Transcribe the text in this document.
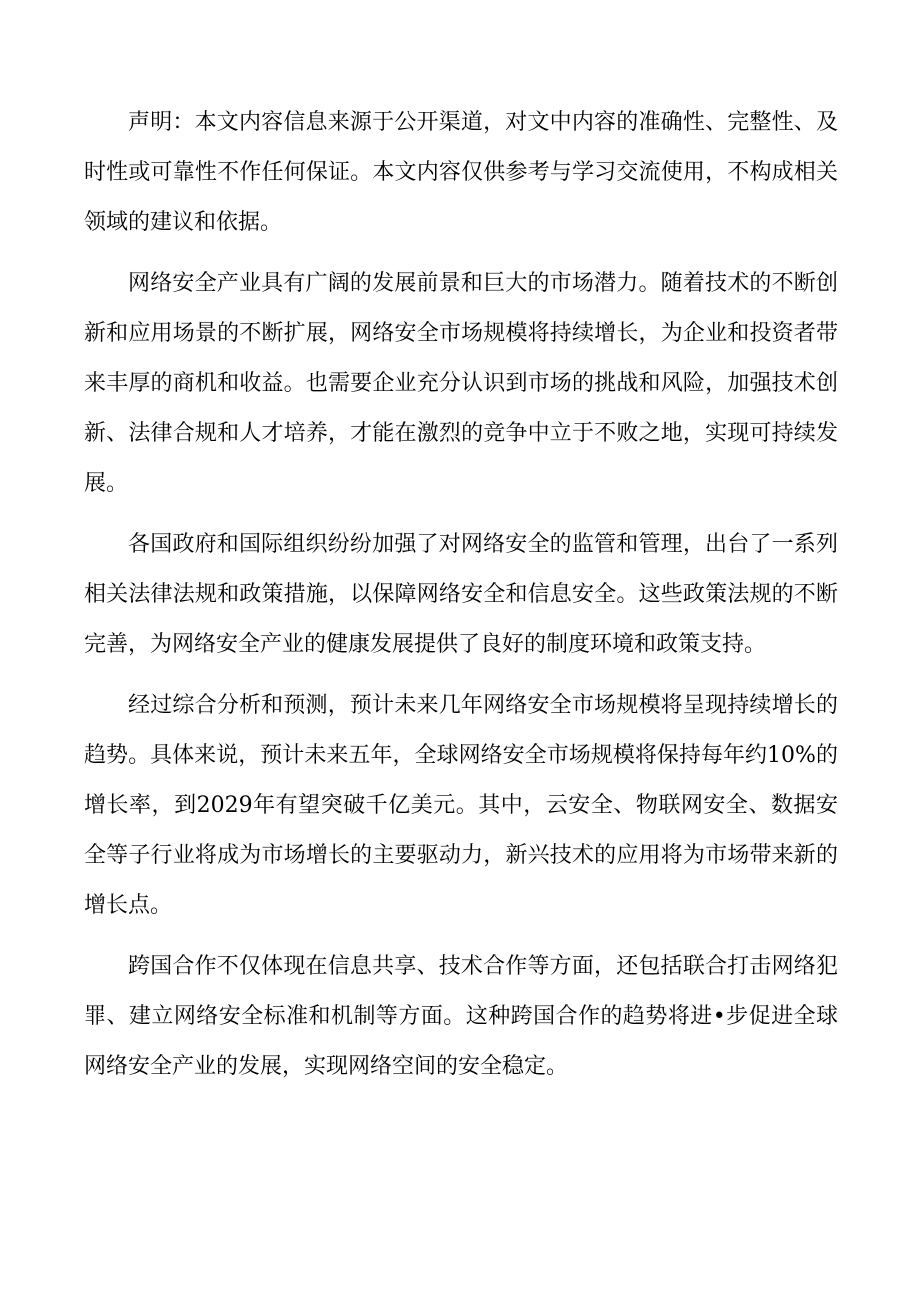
声明：本文内容信息来源于公开渠道，对文中内容的准确性、完整性、及时性或可靠性不作任何保证。本文内容仅供参考与学习交流使用，不构成相关领域的建议和依据。

网络安全产业具有广阔的发展前景和巨大的市场潜力。随着技术的不断创新和应用场景的不断扩展，网络安全市场规模将持续增长，为企业和投资者带来丰厚的商机和收益。也需要企业充分认识到市场的挑战和风险，加强技术创新、法律合规和人才培养，才能在激烈的竞争中立于不败之地，实现可持续发展。

各国政府和国际组织纷纷加强了对网络安全的监管和管理，出台了一系列相关法律法规和政策措施，以保障网络安全和信息安全。这些政策法规的不断完善，为网络安全产业的健康发展提供了良好的制度环境和政策支持。

经过综合分析和预测，预计未来几年网络安全市场规模将呈现持续增长的趋势。具体来说，预计未来五年，全球网络安全市场规模将保持每年约10%的增长率，到2029年有望突破千亿美元。其中，云安全、物联网安全、数据安全等子行业将成为市场增长的主要驱动力，新兴技术的应用将为市场带来新的增长点。

跨国合作不仅体现在信息共享、技术合作等方面，还包括联合打击网络犯罪、建立网络安全标准和机制等方面。这种跨国合作的趋势将进•步促进全球网络安全产业的发展，实现网络空间的安全稳定。
